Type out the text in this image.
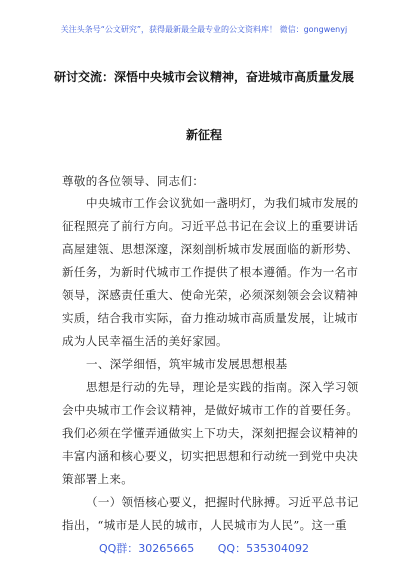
关注头条号“公文研究”，获得最新最全最专业的公文资料库！ 微信：gongwenyj
研讨交流：深悟中央城市会议精神，奋进城市高质量发展
新征程
尊敬的各位领导、同志们：
中央城市工作会议犹如一盏明灯，为我们城市发展的
征程照亮了前行方向。习近平总书记在会议上的重要讲话
高屋建瓴、思想深邃，深刻剖析城市发展面临的新形势、
新任务，为新时代城市工作提供了根本遵循。作为一名市
领导，深感责任重大、使命光荣，必须深刻领会会议精神
实质，结合我市实际，奋力推动城市高质量发展，让城市
成为人民幸福生活的美好家园。
一、深学细悟，筑牢城市发展思想根基
思想是行动的先导，理论是实践的指南。深入学习领
会中央城市工作会议精神，是做好城市工作的首要任务。
我们必须在学懂弄通做实上下功夫，深刻把握会议精神的
丰富内涵和核心要义，切实把思想和行动统一到党中央决
策部署上来。
（一）领悟核心要义，把握时代脉搏。习近平总书记
指出，“城市是人民的城市，人民城市为人民”。这一重
QQ群：30265665 QQ：535304092
